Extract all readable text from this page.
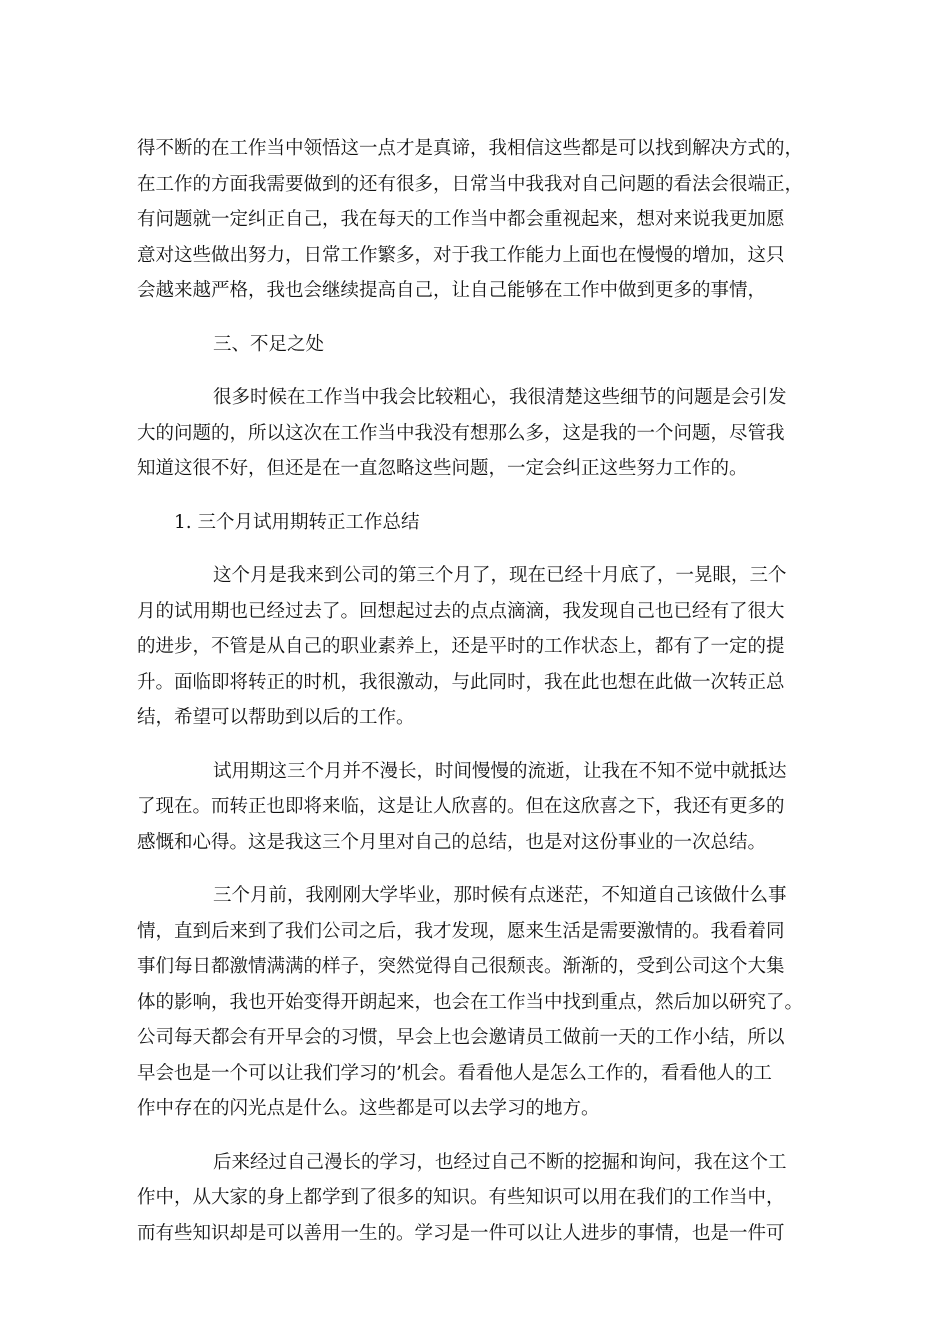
得不断的在工作当中领悟这一点才是真谛，我相信这些都是可以找到解决方式的，
在工作的方面我需要做到的还有很多，日常当中我我对自己问题的看法会很端正，
有问题就一定纠正自己，我在每天的工作当中都会重视起来，想对来说我更加愿
意对这些做出努力，日常工作繁多，对于我工作能力上面也在慢慢的增加，这只
会越来越严格，我也会继续提高自己，让自己能够在工作中做到更多的事情，
三、不足之处
很多时候在工作当中我会比较粗心，我很清楚这些细节的问题是会引发
大的问题的，所以这次在工作当中我没有想那么多，这是我的一个问题，尽管我
知道这很不好，但还是在一直忽略这些问题，一定会纠正这些努力工作的。
1. 三个月试用期转正工作总结
这个月是我来到公司的第三个月了，现在已经十月底了，一晃眼，三个
月的试用期也已经过去了。回想起过去的点点滴滴，我发现自己也已经有了很大
的进步，不管是从自己的职业素养上，还是平时的工作状态上，都有了一定的提
升。面临即将转正的时机，我很激动，与此同时，我在此也想在此做一次转正总
结，希望可以帮助到以后的工作。
试用期这三个月并不漫长，时间慢慢的流逝，让我在不知不觉中就抵达
了现在。而转正也即将来临，这是让人欣喜的。但在这欣喜之下，我还有更多的
感慨和心得。这是我这三个月里对自己的总结，也是对这份事业的一次总结。
三个月前，我刚刚大学毕业，那时候有点迷茫，不知道自己该做什么事
情，直到后来到了我们公司之后，我才发现，愿来生活是需要激情的。我看着同
事们每日都激情满满的样子，突然觉得自己很颓丧。渐渐的，受到公司这个大集
体的影响，我也开始变得开朗起来，也会在工作当中找到重点，然后加以研究了。
公司每天都会有开早会的习惯，早会上也会邀请员工做前一天的工作小结，所以
早会也是一个可以让我们学习的’机会。看看他人是怎么工作的，看看他人的工
作中存在的闪光点是什么。这些都是可以去学习的地方。
后来经过自己漫长的学习，也经过自己不断的挖掘和询问，我在这个工
作中，从大家的身上都学到了很多的知识。有些知识可以用在我们的工作当中，
而有些知识却是可以善用一生的。学习是一件可以让人进步的事情，也是一件可
